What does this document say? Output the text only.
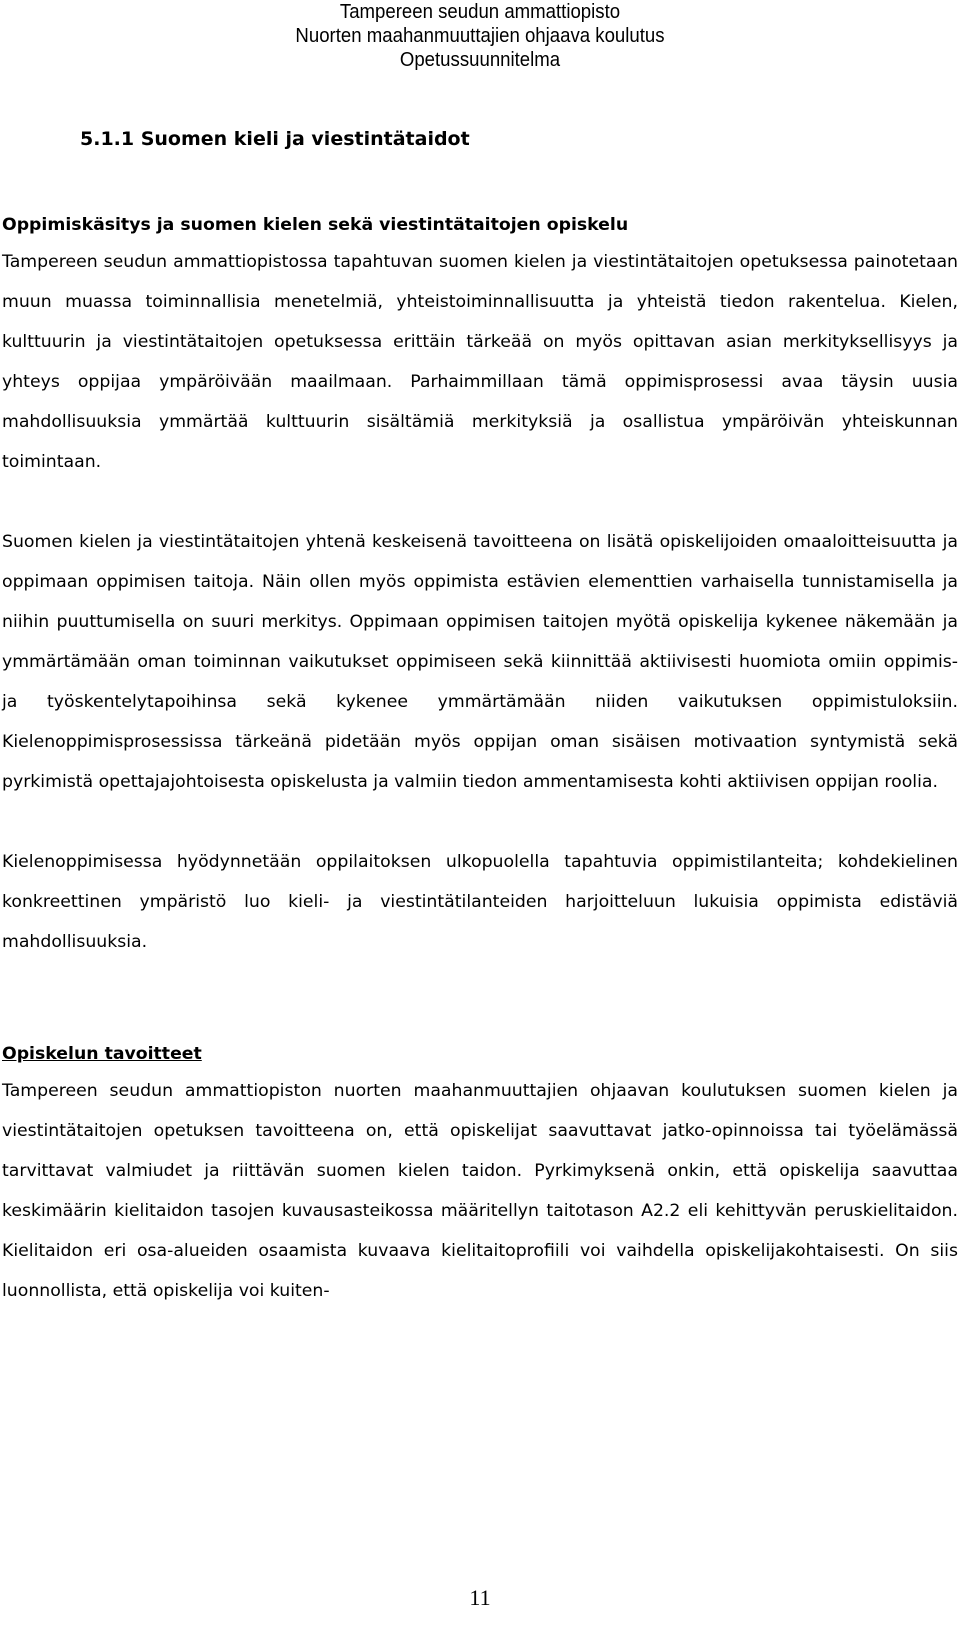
Tampereen seudun ammattiopisto
Nuorten maahanmuuttajien ohjaava koulutus
Opetussuunnitelma
5.1.1 Suomen kieli ja viestintätaidot
Oppimiskäsitys ja suomen kielen sekä viestintätaitojen opiskelu

Tampereen seudun ammattiopistossa tapahtuvan suomen kielen ja viestintätaitojen opetuksessa painotetaan muun muassa toiminnallisia menetelmiä, yhteistoiminnallisuutta ja yhteistä tiedon rakentelua. Kielen, kulttuurin ja viestintätaitojen opetuksessa erittäin tärkeää on myös opittavan asian merkityksellisyys ja yhteys oppijaa ympäröivään maailmaan. Parhaimmillaan tämä oppimisprosessi avaa täysin uusia mahdollisuuksia ymmärtää kulttuurin sisältämiä merkityksiä ja osallistua ympäröivän yhteiskunnan toimintaan.

Suomen kielen ja viestintätaitojen yhtenä keskeisenä tavoitteena on lisätä opiskelijoiden omaaloitteisuutta ja oppimaan oppimisen taitoja. Näin ollen myös oppimista estävien elementtien varhaisella tunnistamisella ja niihin puuttumisella on suuri merkitys. Oppimaan oppimisen taitojen myötä opiskelija kykenee näkemään ja ymmärtämään oman toiminnan vaikutukset oppimiseen sekä kiinnittää aktiivisesti huomiota omiin oppimis- ja työskentelytapoihinsa sekä kykenee ymmärtämään niiden vaikutuksen oppimistuloksiin. Kielenoppimisprosessissa tärkeänä pidetään myös oppijan oman sisäisen motivaation syntymistä sekä pyrkimistä opettajajohtoisesta opiskelusta ja valmiin tiedon ammentamisesta kohti aktiivisen oppijan roolia.

Kielenoppimisessa hyödynnetään oppilaitoksen ulkopuolella tapahtuvia oppimistilanteita; kohdekielinen konkreettinen ympäristö luo kieli- ja viestintätilanteiden harjoitteluun lukuisia oppimista edistäviä mahdollisuuksia.

Opiskelun tavoitteet

Tampereen seudun ammattiopiston nuorten maahanmuuttajien ohjaavan koulutuksen suomen kielen ja viestintätaitojen opetuksen tavoitteena on, että opiskelijat saavuttavat jatko-opinnoissa tai työelämässä tarvittavat valmiudet ja riittävän suomen kielen taidon. Pyrkimyksenä onkin, että opiskelija saavuttaa keskimäärin kielitaidon tasojen kuvausasteikossa määritellyn taitotason A2.2 eli kehittyvän peruskielitaidon. Kielitaidon eri osa-alueiden osaamista kuvaava kielitaitoprofiili voi vaihdella opiskelijakohtaisesti. On siis luonnollista, että opiskelija voi kuiten-

11
